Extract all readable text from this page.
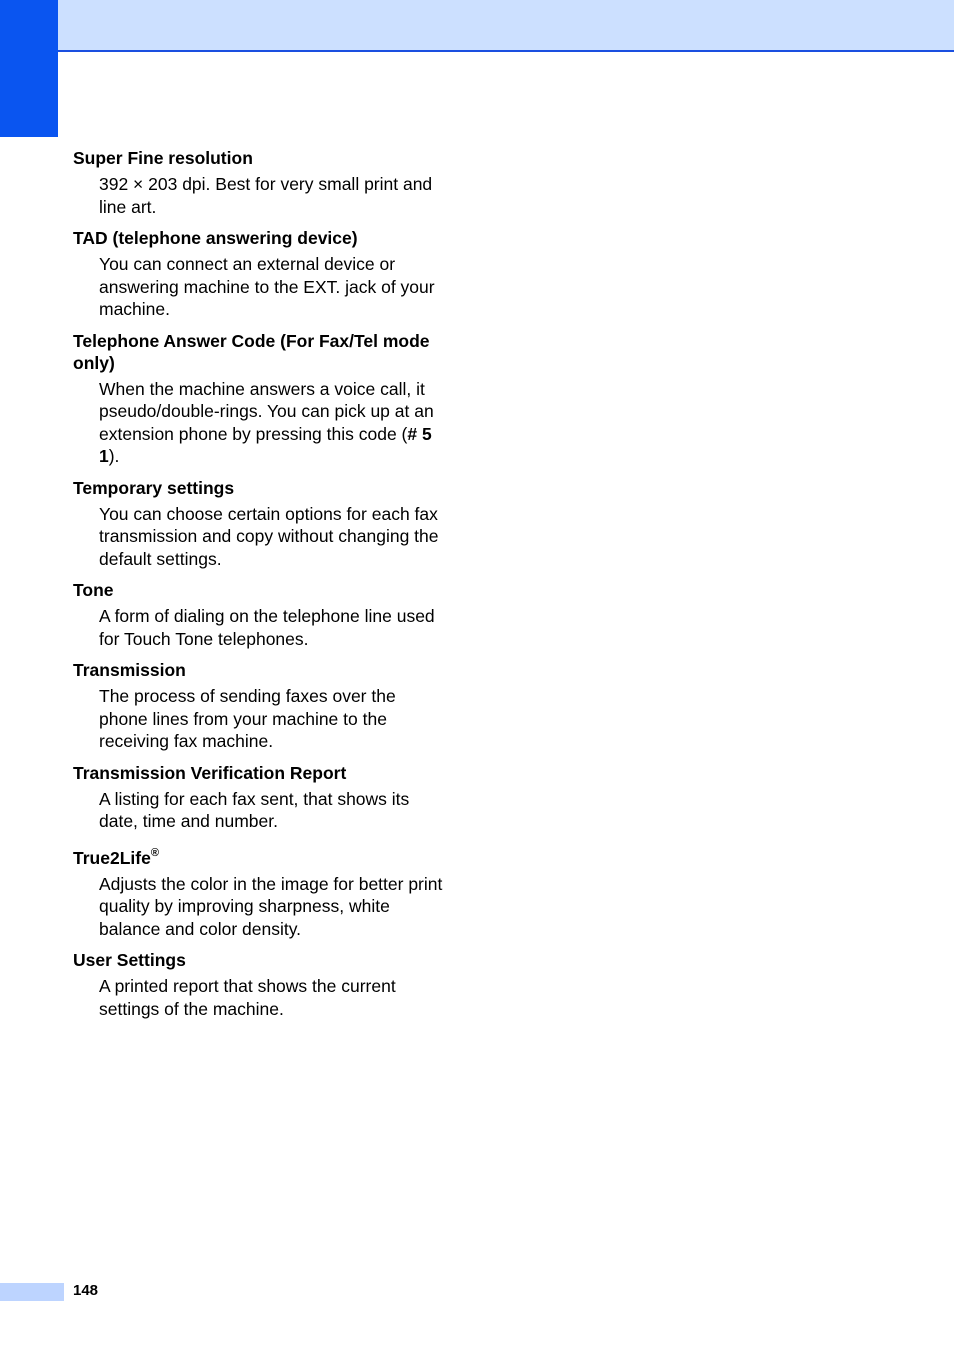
Super Fine resolution

392 × 203 dpi. Best for very small print and line art.

TAD (telephone answering device)

You can connect an external device or answering machine to the EXT. jack of your machine.

Telephone Answer Code (For Fax/Tel mode only)

When the machine answers a voice call, it pseudo/double-rings. You can pick up at an extension phone by pressing this code (# 5 1).

Temporary settings

You can choose certain options for each fax transmission and copy without changing the default settings.

Tone

A form of dialing on the telephone line used for Touch Tone telephones.

Transmission

The process of sending faxes over the phone lines from your machine to the receiving fax machine.

Transmission Verification Report

A listing for each fax sent, that shows its date, time and number.

True2Life®

Adjusts the color in the image for better print quality by improving sharpness, white balance and color density.

User Settings

A printed report that shows the current settings of the machine.

148
